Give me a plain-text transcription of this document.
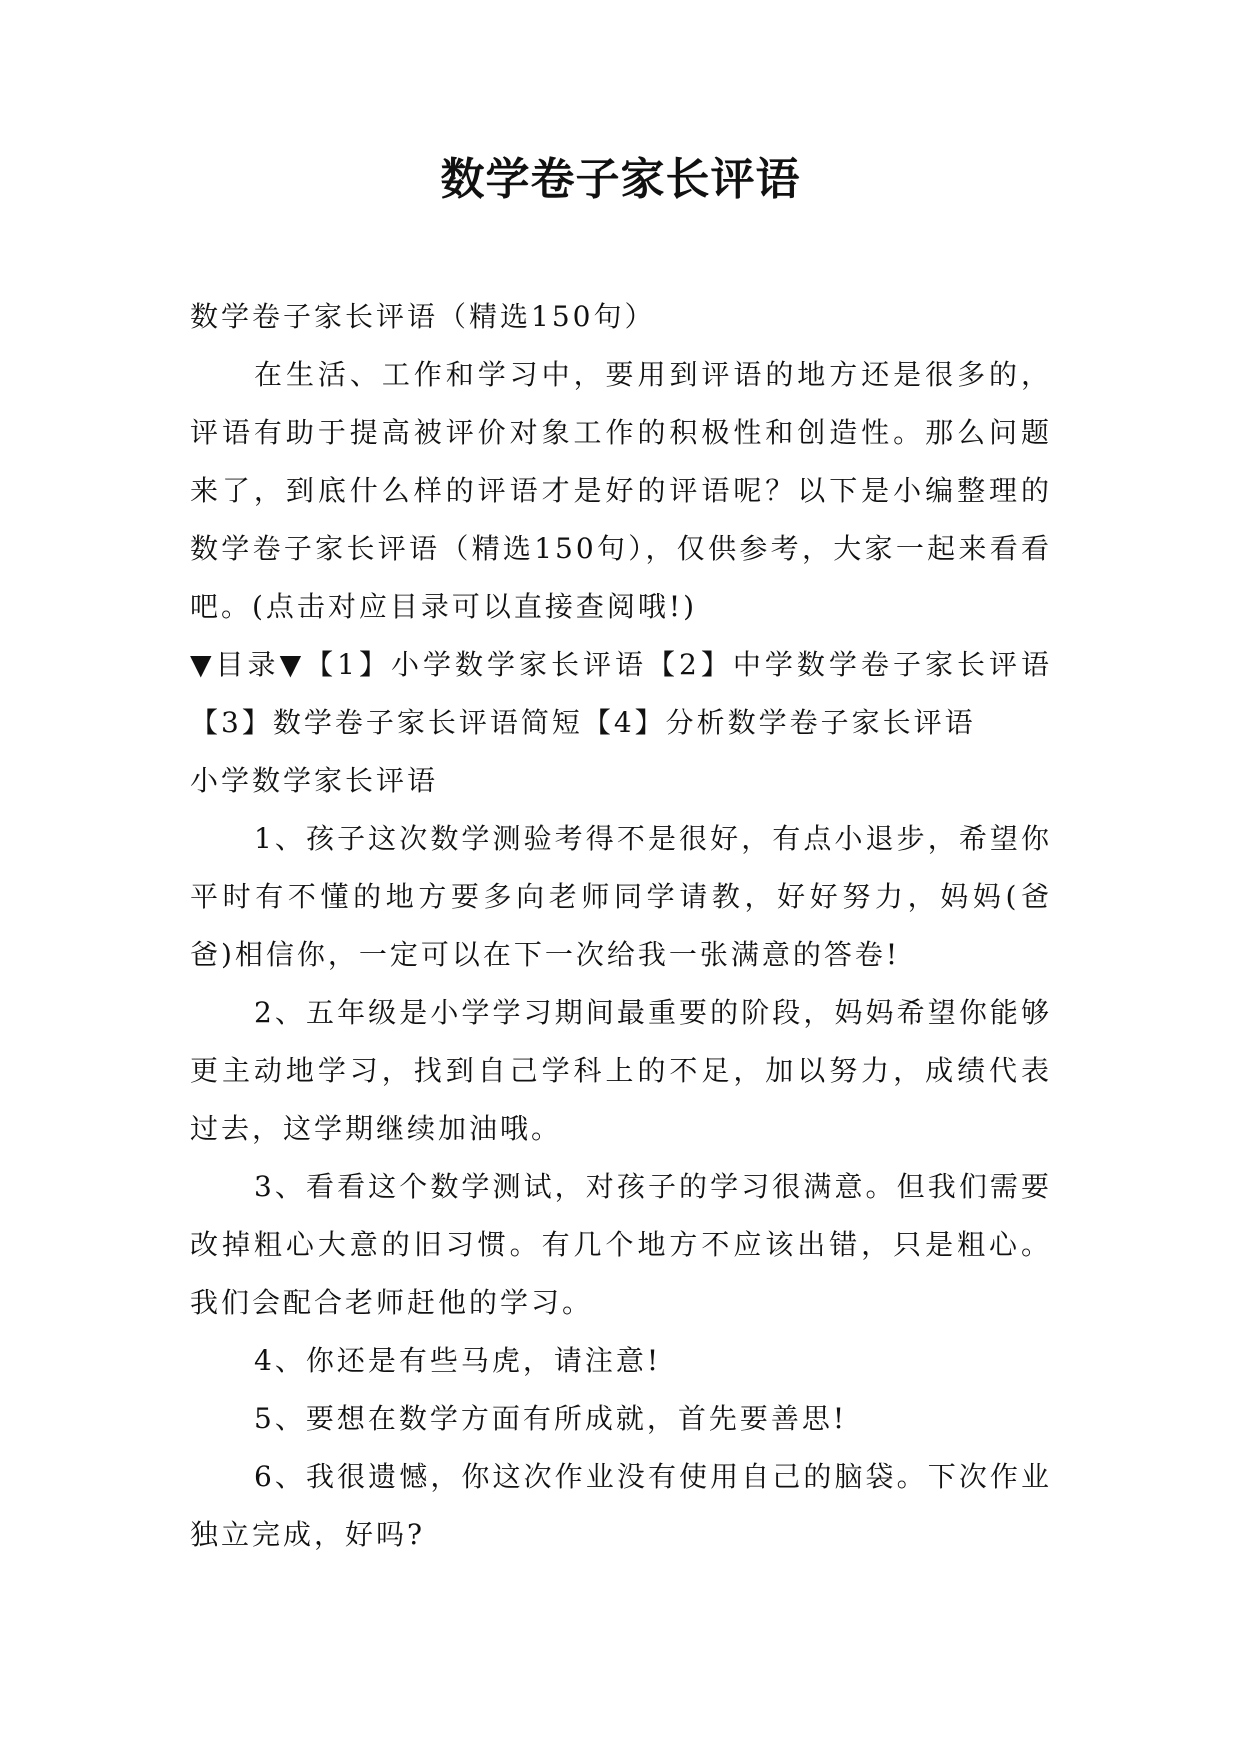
数学卷子家长评语

数学卷子家长评语（精选150句）

在生活、工作和学习中，要用到评语的地方还是很多的，评语有助于提高被评价对象工作的积极性和创造性。那么问题来了，到底什么样的评语才是好的评语呢？以下是小编整理的数学卷子家长评语（精选150句），仅供参考，大家一起来看看吧。(点击对应目录可以直接查阅哦!)

▼目录▼【1】小学数学家长评语【2】中学数学卷子家长评语【3】数学卷子家长评语简短【4】分析数学卷子家长评语

小学数学家长评语

1、孩子这次数学测验考得不是很好，有点小退步，希望你平时有不懂的地方要多向老师同学请教，好好努力，妈妈(爸爸)相信你，一定可以在下一次给我一张满意的答卷!

2、五年级是小学学习期间最重要的阶段，妈妈希望你能够更主动地学习，找到自己学科上的不足，加以努力，成绩代表过去，这学期继续加油哦。

3、看看这个数学测试，对孩子的学习很满意。但我们需要改掉粗心大意的旧习惯。有几个地方不应该出错，只是粗心。我们会配合老师赶他的学习。

4、你还是有些马虎，请注意!

5、要想在数学方面有所成就，首先要善思!

6、我很遗憾，你这次作业没有使用自己的脑袋。下次作业独立完成，好吗?
